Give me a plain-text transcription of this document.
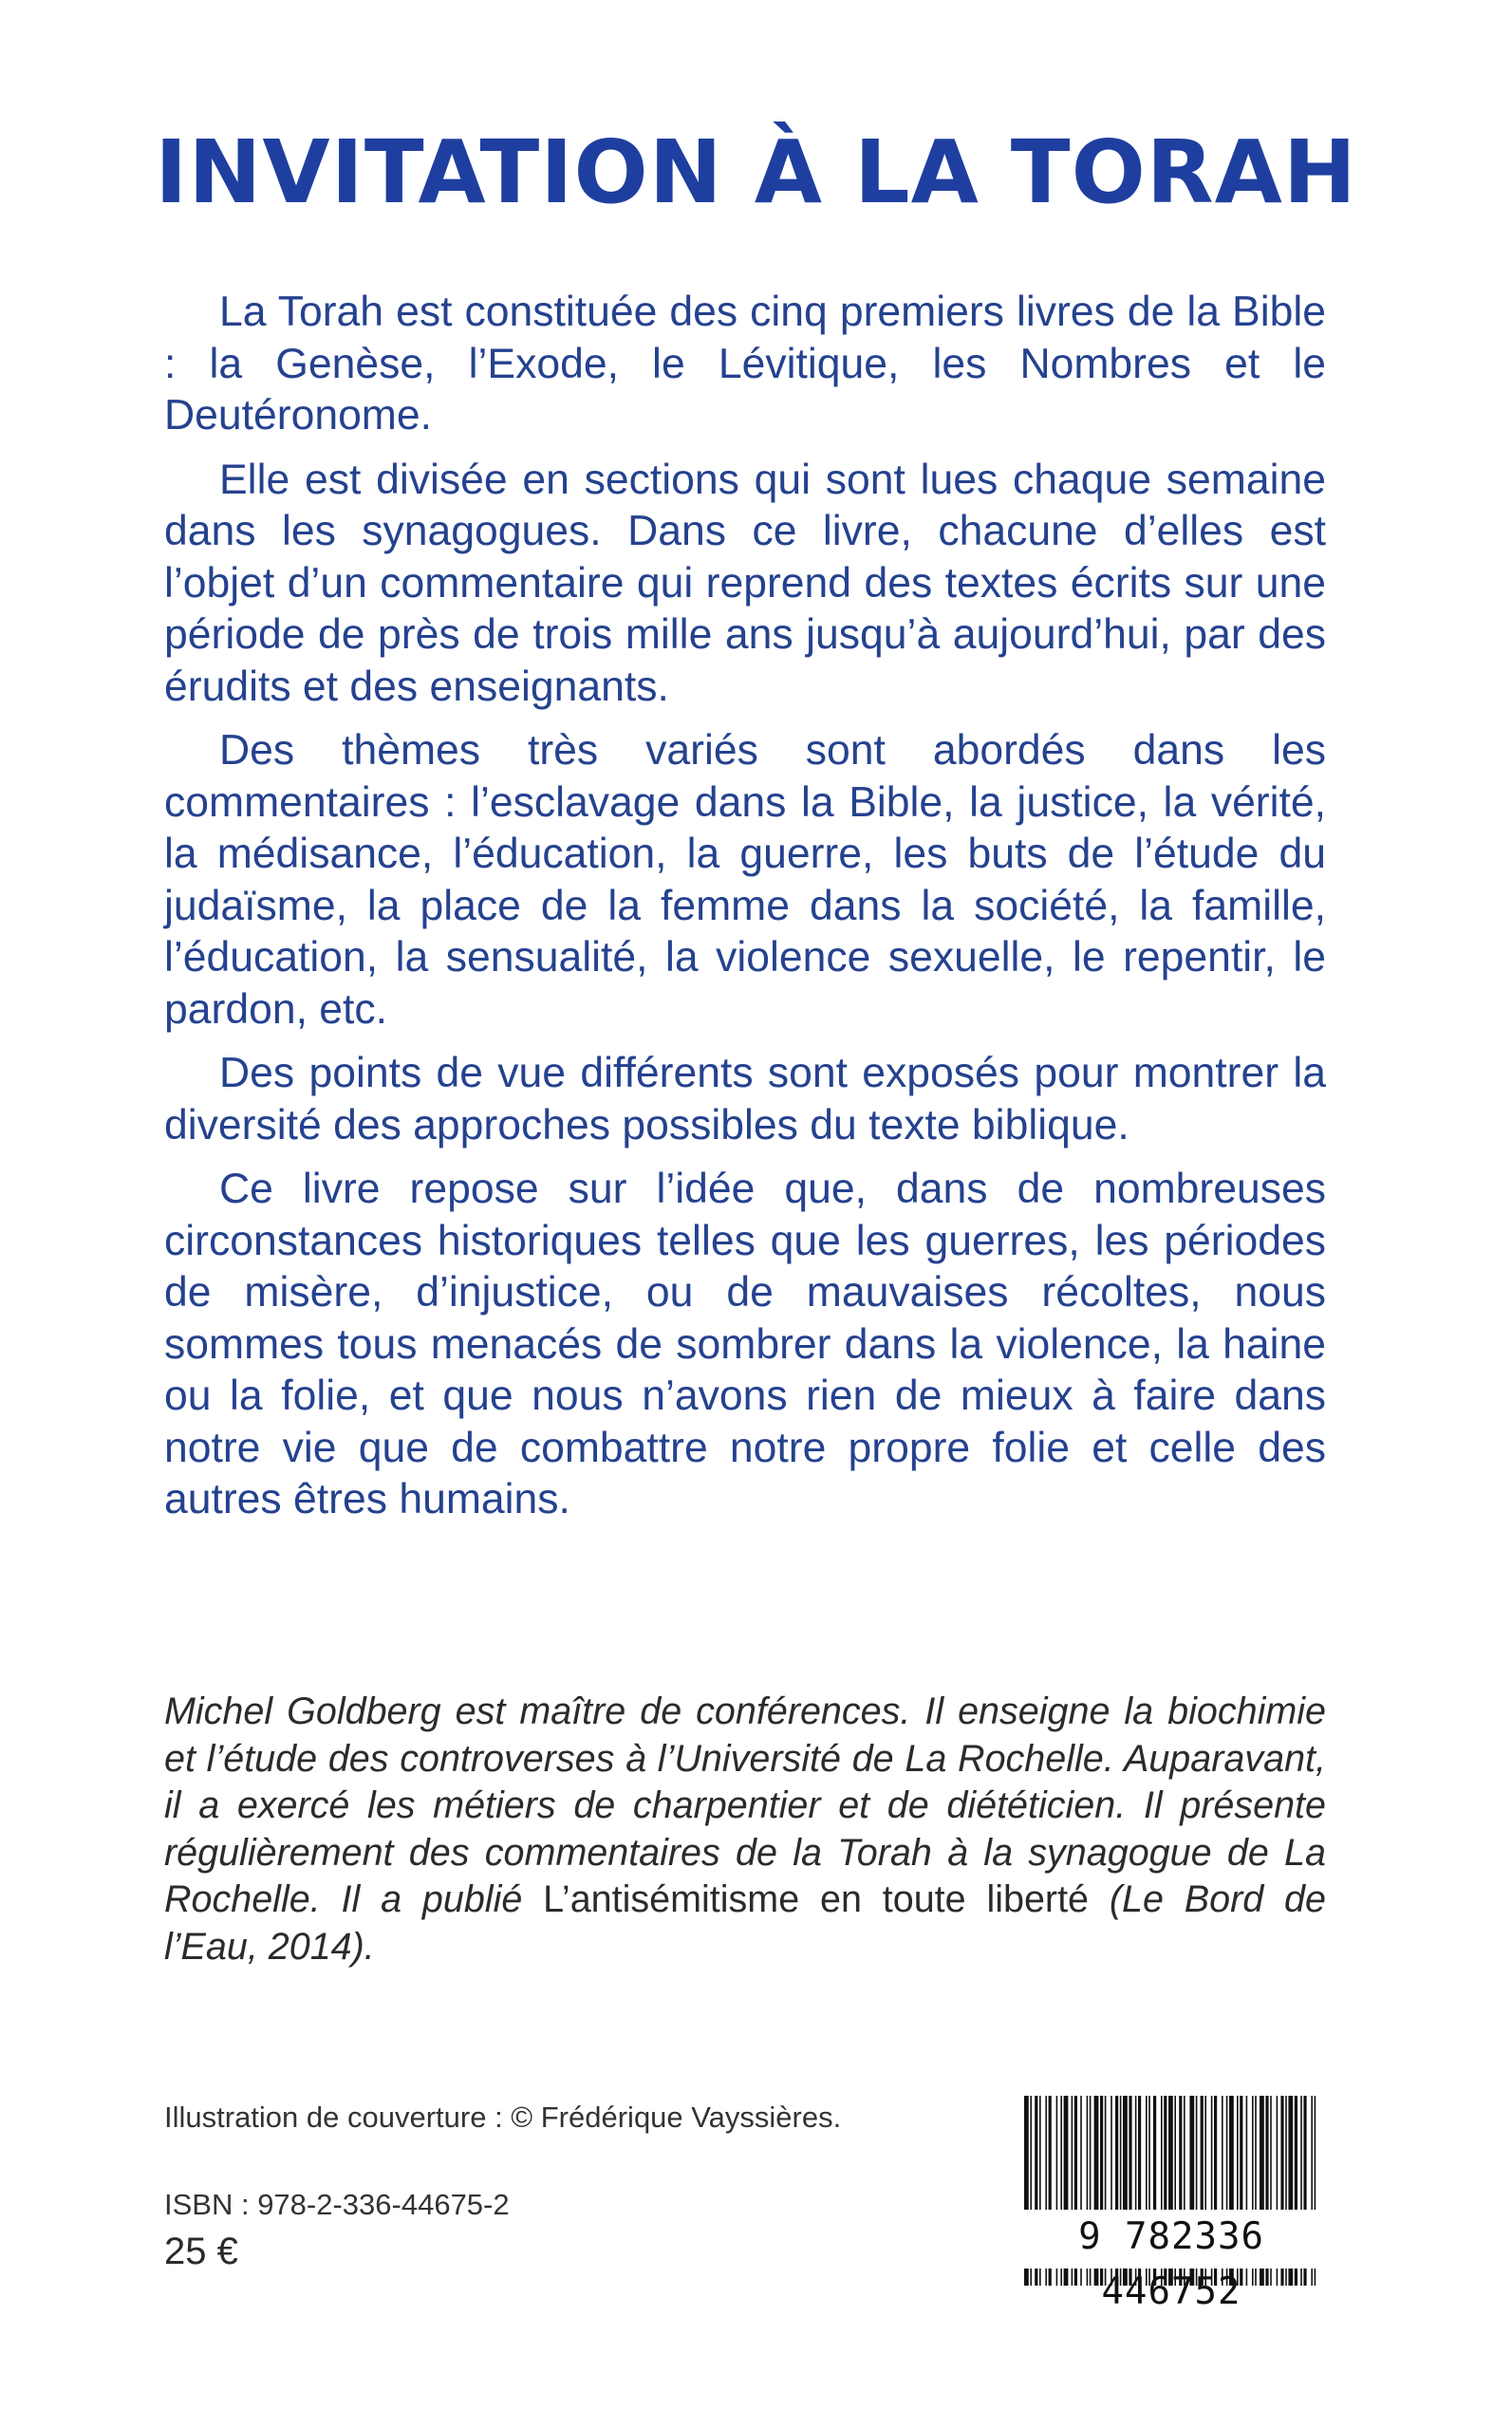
INVITATION À LA TORAH

La Torah est constituée des cinq premiers livres de la Bible : la Genèse, l’Exode, le Lévitique, les Nombres et le Deutéronome.

Elle est divisée en sections qui sont lues chaque semaine dans les synagogues. Dans ce livre, chacune d’elles est l’objet d’un commentaire qui reprend des textes écrits sur une période de près de trois mille ans jusqu’à aujourd’hui, par des érudits et des enseignants.

Des thèmes très variés sont abordés dans les commentaires : l’esclavage dans la Bible, la justice, la vérité, la médisance, l’éducation, la guerre, les buts de l’étude du judaïsme, la place de la femme dans la société, la famille, l’éducation, la sensualité, la violence sexuelle, le repentir, le pardon, etc.

Des points de vue différents sont exposés pour montrer la diversité des approches possibles du texte biblique.

Ce livre repose sur l’idée que, dans de nombreuses circonstances historiques telles que les guerres, les périodes de misère, d’injustice, ou de mauvaises récoltes, nous sommes tous menacés de sombrer dans la violence, la haine ou la folie, et que nous n’avons rien de mieux à faire dans notre vie que de combattre notre propre folie et celle des autres êtres humains.

Michel Goldberg est maître de conférences. Il enseigne la biochimie et l’étude des controverses à l’Université de La Rochelle. Auparavant, il a exercé les métiers de charpentier et de diététicien. Il présente régulièrement des commentaires de la Torah à la synagogue de La Rochelle. Il a publié L’antisémitisme en toute liberté (Le Bord de l’Eau, 2014).

Illustration de couverture : © Frédérique Vayssières.

ISBN : 978-2-336-44675-2

25 €	9 782336 446752
